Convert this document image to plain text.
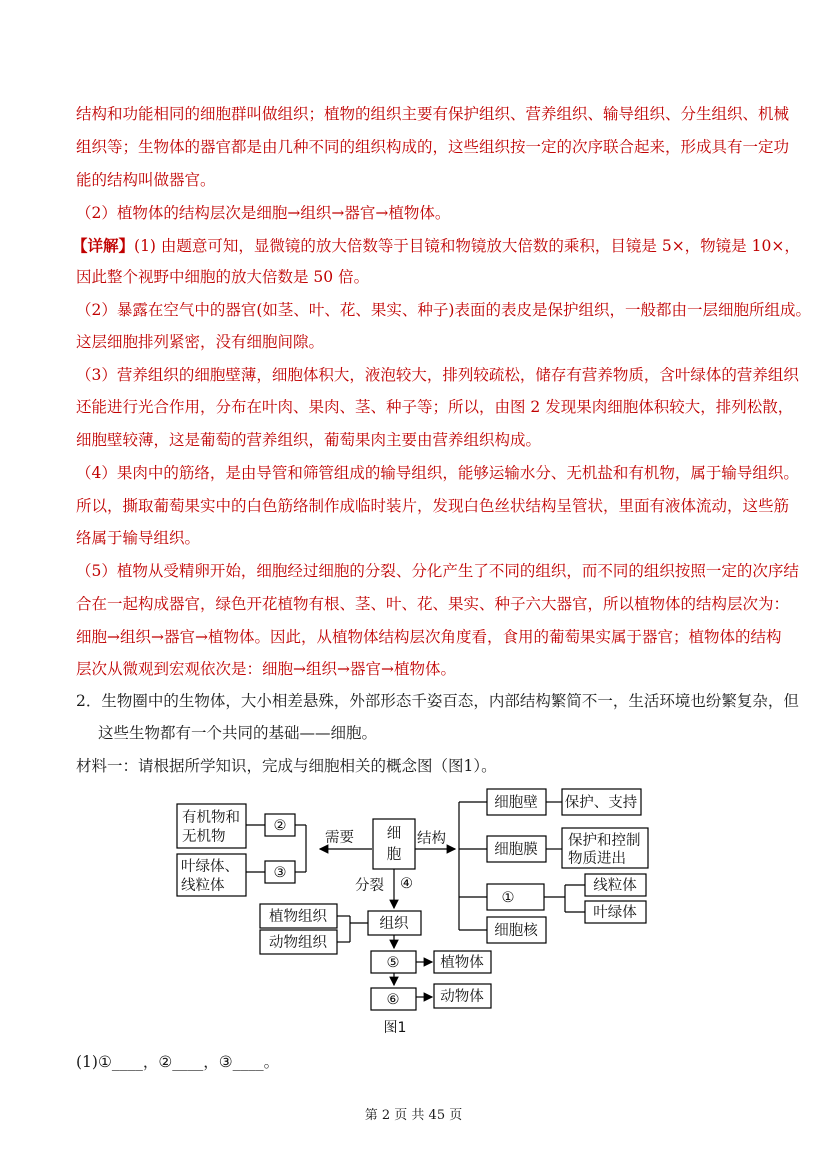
结构和功能相同的细胞群叫做组织；植物的组织主要有保护组织、营养组织、输导组织、分生组织、机械
组织等；生物体的器官都是由几种不同的组织构成的，这些组织按一定的次序联合起来，形成具有一定功
能的结构叫做器官。
（2）植物体的结构层次是细胞→组织→器官→植物体。
【详解】(1) 由题意可知，显微镜的放大倍数等于目镜和物镜放大倍数的乘积，目镜是 5×，物镜是 10×，
因此整个视野中细胞的放大倍数是 50 倍。
（2）暴露在空气中的器官(如茎、叶、花、果实、种子)表面的表皮是保护组织，一般都由一层细胞所组成。
这层细胞排列紧密，没有细胞间隙。
（3）营养组织的细胞壁薄，细胞体积大，液泡较大，排列较疏松，储存有营养物质，含叶绿体的营养组织
还能进行光合作用，分布在叶肉、果肉、茎、种子等；所以，由图 2 发现果肉细胞体积较大，排列松散，
细胞壁较薄，这是葡萄的营养组织，葡萄果肉主要由营养组织构成。
（4）果肉中的筋络，是由导管和筛管组成的输导组织，能够运输水分、无机盐和有机物，属于输导组织。
所以，撕取葡萄果实中的白色筋络制作成临时装片，发现白色丝状结构呈管状，里面有液体流动，这些筋
络属于输导组织。
（5）植物从受精卵开始，细胞经过细胞的分裂、分化产生了不同的组织，而不同的组织按照一定的次序结
合在一起构成器官，绿色开花植物有根、茎、叶、花、果实、种子六大器官，所以植物体的结构层次为：
细胞→组织→器官→植物体。因此，从植物体结构层次角度看，食用的葡萄果实属于器官；植物体的结构
层次从微观到宏观依次是：细胞→组织→器官→植物体。
2．生物圈中的生物体，大小相差悬殊，外部形态千姿百态，内部结构繁简不一，生活环境也纷繁复杂，但
这些生物都有一个共同的基础——细胞。
材料一：请根据所学知识，完成与细胞相关的概念图（图1）。
有机物和
无机物
叶绿体、
线粒体
②
③
需要 细
胞
结构
细胞壁 保护、支持
细胞膜
保护和控制
物质进出
①
线粒体
叶绿体
细胞核
分裂 ④
植物组织
动物组织
组织
⑤	植物体
⑥	动物体
图1
(1)①____，②____，③____。
第 2 页 共 45 页
